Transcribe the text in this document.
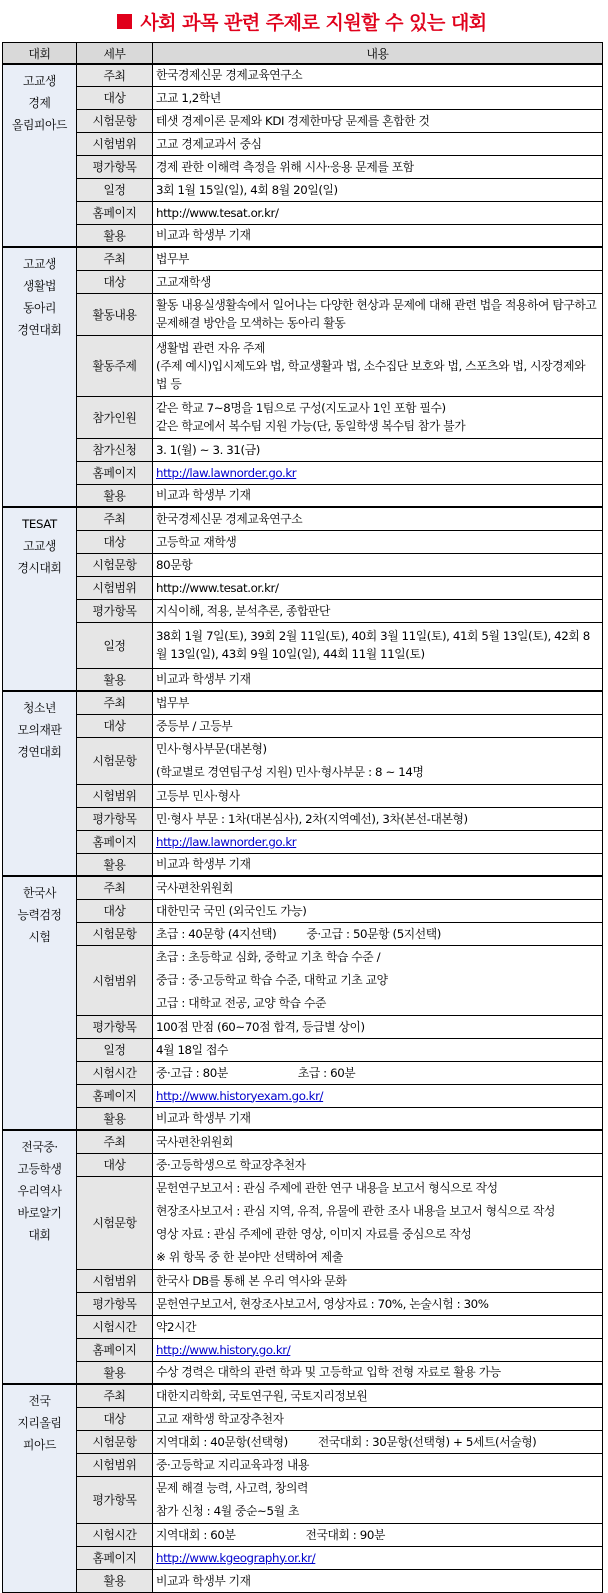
사회 과목 관련 주제로 지원할 수 있는 대회
대회	세부	내용

고교생
경제
올림피아드	주최	한국경제신문 경제교육연구소
	대상	고교 1,2학년
	시험문항	테샛 경제이론 문제와 KDI 경제한마당 문제를 혼합한 것
	시험범위	고교 경제교과서 중심
	평가항목	경제 관한 이해력 측정을 위해 시사·응용 문제를 포함
	일정	3회 1월 15일(일), 4회 8월 20일(일)
	홈페이지	http://www.tesat.or.kr/
	활용	비교과 학생부 기재

고교생
생활법
동아리
경연대회	주최	법무부
	대상	고교재학생
	활동내용	활동 내용실생활속에서 일어나는 다양한 현상과 문제에 대해 관련 법을 적용하여 탐구하고 문제해결 방안을 모색하는 동아리 활동
	활동주제	생활법 관련 자유 주제
(주제 예시)입시제도와 법, 학교생활과 법, 소수집단 보호와 법, 스포츠와 법, 시장경제와 법 등

	참가인원	같은 학교 7~8명을 1팀으로 구성(지도교사 1인 포함 필수)
같은 학교에서 복수팀 지원 가능(단, 동일학생 복수팀 참가 불가

	참가신청	3. 1(월) ~ 3. 31(금)
	홈페이지	http://law.lawnorder.go.kr
	활용	비교과 학생부 기재

TESAT
고교생
경시대회	주최	한국경제신문 경제교육연구소
	대상	고등학교 재학생
	시험문항	80문항
	시험범위	http://www.tesat.or.kr/
	평가항목	지식이해, 적용, 분석추론, 종합판단
	일정	38회 1월 7일(토), 39회 2월 11일(토), 40회 3월 11일(토), 41회 5월 13일(토), 42회 8월 13일(일), 43회 9월 10일(일), 44회 11월 11일(토)
	활용	비교과 학생부 기재

청소년
모의재판
경연대회	주최	법무부
	대상	중등부 / 고등부
	시험문항	민사·형사부문(대본형)
(학교별로 경연팀구성 지원) 민사·형사부문 : 8 ~ 14명

	시험범위	고등부 민사·형사
	평가항목	민·형사 부문 : 1차(대본심사), 2차(지역예선), 3차(본선-대본형)
	홈페이지	http://law.lawnorder.go.kr
	활용	비교과 학생부 기재

한국사
능력검정
시험	주최	국사편찬위원회
	대상	대한민국 국민 (외국인도 가능)
	시험문항	초급 : 40문항 (4지선택) 중·고급 : 50문항 (5지선택)
	시험범위	초급 : 초등학교 심화, 중학교 기초 학습 수준 /
중급 : 중·고등학교 학습 수준, 대학교 기초 교양
고급 : 대학교 전공, 교양 학습 수준

	평가항목	100점 만점 (60~70점 합격, 등급별 상이)
	일정	4월 18일 접수
	시험시간	중·고급 : 80분 초급 : 60분
	홈페이지	http://www.historyexam.go.kr/
	활용	비교과 학생부 기재

전국중·
고등학생
우리역사
바로알기
대회	주최	국사편찬위원회
	대상	중·고등학생으로 학교장추천자
	시험문항	문헌연구보고서 : 관심 주제에 관한 연구 내용을 보고서 형식으로 작성
현장조사보고서 : 관심 지역, 유적, 유물에 관한 조사 내용을 보고서 형식으로 작성
영상 자료 : 관심 주제에 관한 영상, 이미지 자료를 중심으로 작성
※ 위 항목 중 한 분야만 선택하여 제출

	시험범위	한국사 DB를 통해 본 우리 역사와 문화
	평가항목	문헌연구보고서, 현장조사보고서, 영상자료 : 70%, 논술시험 : 30%
	시험시간	약2시간
	홈페이지	http://www.history.go.kr/
	활용	수상 경력은 대학의 관련 학과 및 고등학교 입학 전형 자료로 활용 가능

전국
지리올림
피아드	주최	대한지리학회, 국토연구원, 국토지리정보원
	대상	고교 재학생 학교장추천자
	시험문항	지역대회 : 40문항(선택형) 전국대회 : 30문항(선택형) + 5세트(서술형)
	시험범위	중·고등학교 지리교육과정 내용
	평가항목	문제 해결 능력, 사고력, 창의력
참가 신청 : 4월 중순~5월 초

	시험시간	지역대회 : 60분 전국대회 : 90분
	홈페이지	http://www.kgeography.or.kr/
	활용	비교과 학생부 기재
